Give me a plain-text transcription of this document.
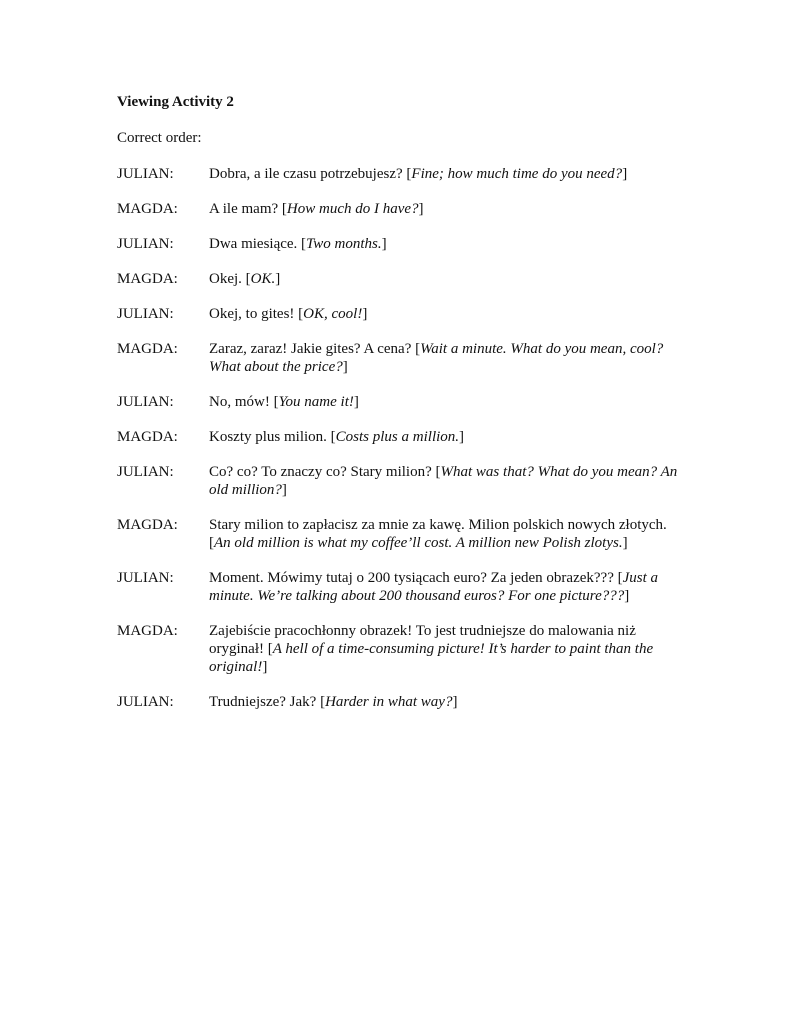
Viewing Activity 2

Correct order:

JULIAN:	Dobra, a ile czasu potrzebujesz? [Fine; how much time do you need?]
MAGDA:	A ile mam? [How much do I have?]
JULIAN:	Dwa miesiące. [Two months.]
MAGDA:	Okej. [OK.]
JULIAN:	Okej, to gites! [OK, cool!]
MAGDA:	Zaraz, zaraz! Jakie gites? A cena? [Wait a minute. What do you mean, cool? What about the price?]
JULIAN:	No, mów! [You name it!]
MAGDA:	Koszty plus milion. [Costs plus a million.]
JULIAN:	Co? co? To znaczy co? Stary milion? [What was that? What do you mean? An old million?]
MAGDA:	Stary milion to zapłacisz za mnie za kawę. Milion polskich nowych złotych. [An old million is what my coffee’ll cost. A million new Polish zlotys.]
JULIAN:	Moment. Mówimy tutaj o 200 tysiącach euro? Za jeden obrazek??? [Just a minute. We’re talking about 200 thousand euros? For one picture???]
MAGDA:	Zajebiście pracochłonny obrazek! To jest trudniejsze do malowania niż oryginał! [A hell of a time-consuming picture! It’s harder to paint than the original!]
JULIAN:	Trudniejsze? Jak? [Harder in what way?]
